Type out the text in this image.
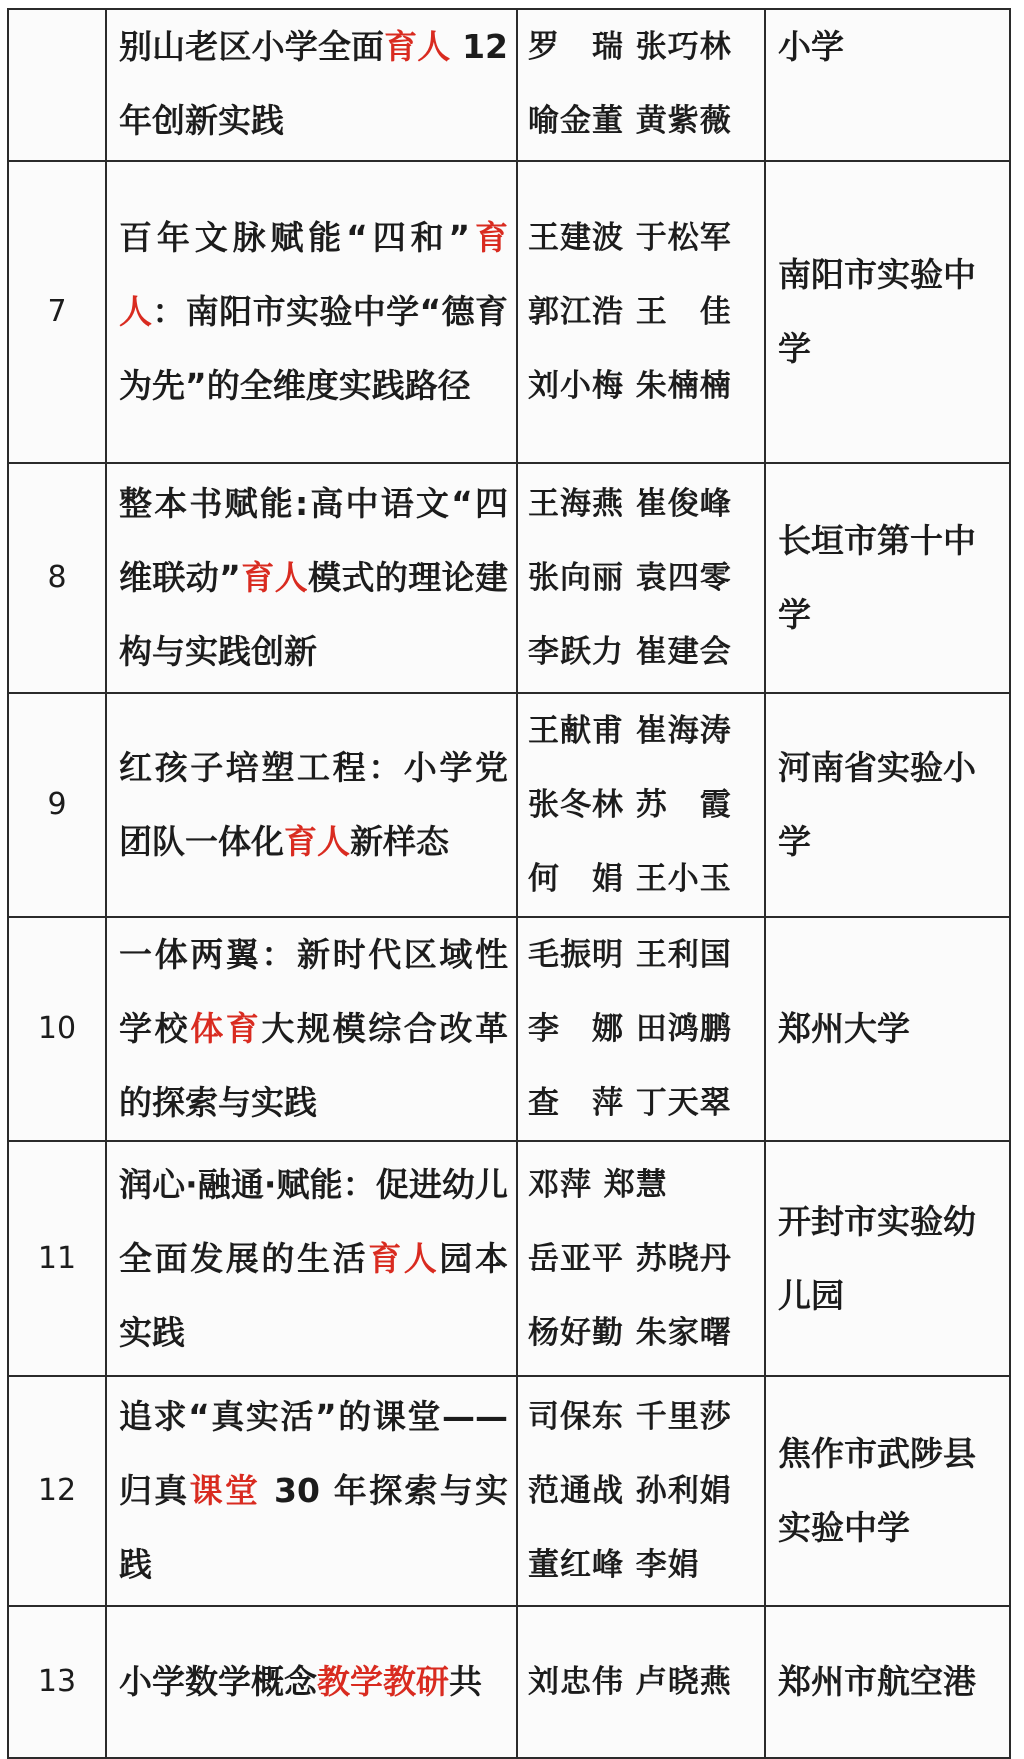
	别山老区小学全面育人 12 年创新实践	罗　瑞 张巧林
喻金董 黄紫薇	小学
7	百年文脉赋能“四和”育人：南阳市实验中学“德育为先”的全维度实践路径	王建波 于松军
郭江浩 王　佳
刘小梅 朱楠楠	南阳市实验中学
8	整本书赋能:高中语文“四维联动”育人模式的理论建构与实践创新	王海燕 崔俊峰
张向丽 袁四零
李跃力 崔建会	长垣市第十中学
9	红孩子培塑工程：小学党团队一体化育人新样态	王献甫 崔海涛
张冬林 苏　霞
何　娟 王小玉	河南省实验小学
10	一体两翼：新时代区域性学校体育大规模综合改革的探索与实践	毛振明 王利国
李　娜 田鸿鹏
查　萍 丁天翠	郑州大学
11	润心·融通·赋能：促进幼儿全面发展的生活育人园本实践	邓萍 郑慧
岳亚平 苏晓丹
杨好勤 朱家曙	开封市实验幼儿园
12	追求“真实活”的课堂——归真课堂 30 年探索与实践	司保东 千里莎
范通战 孙利娟
董红峰 李娟	焦作市武陟县实验中学
13	小学数学概念教学教研共	刘忠伟 卢晓燕	郑州市航空港
